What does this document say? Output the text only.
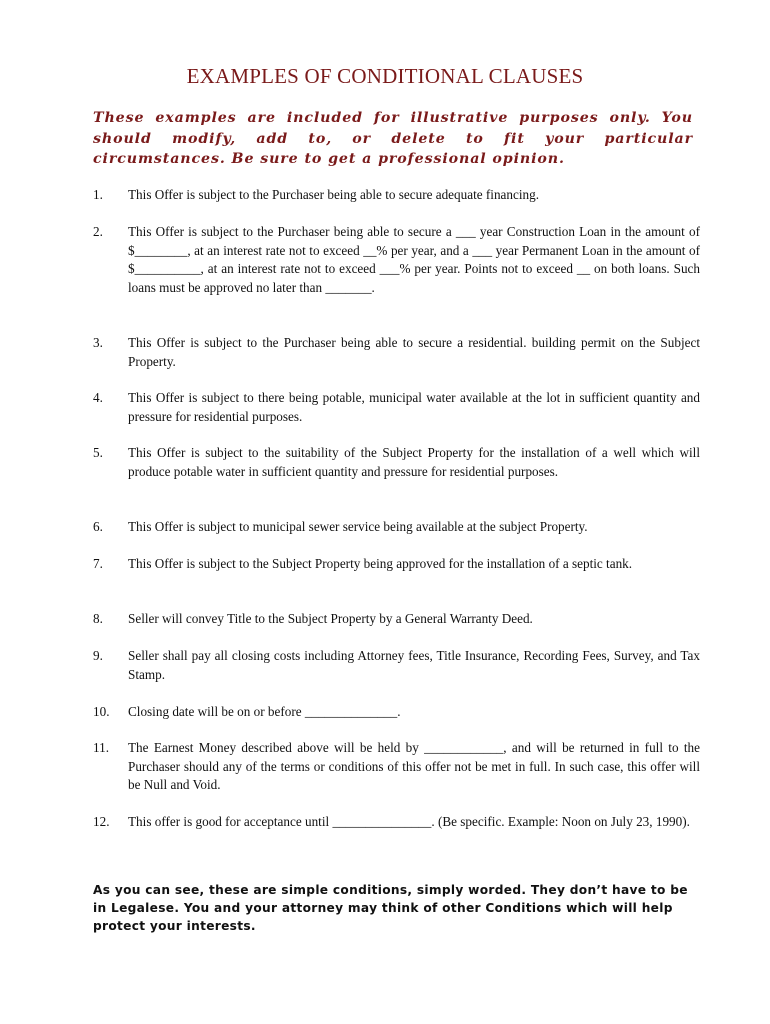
EXAMPLES OF CONDITIONAL CLAUSES

These examples are included for illustrative purposes only. You should modify, add to, or delete to fit your particular circumstances. Be sure to get a professional opinion.

1.	This Offer is subject to the Purchaser being able to secure adequate financing.
2.	This Offer is subject to the Purchaser being able to secure a ___ year Construction Loan in the amount of $________, at an interest rate not to exceed __% per year, and a ___ year Permanent Loan in the amount of $__________, at an interest rate not to exceed ___% per year. Points not to exceed __ on both loans. Such loans must be approved no later than _______.
3.	This Offer is subject to the Purchaser being able to secure a residential. building permit on the Subject Property.
4.	This Offer is subject to there being potable, municipal water available at the lot in sufficient quantity and pressure for residential purposes.
5.	This Offer is subject to the suitability of the Subject Property for the installation of a well which will produce potable water in sufficient quantity and pressure for residential purposes.
6.	This Offer is subject to municipal sewer service being available at the subject Property.
7.	This Offer is subject to the Subject Property being approved for the installation of a septic tank.
8.	Seller will convey Title to the Subject Property by a General Warranty Deed.
9.	Seller shall pay all closing costs including Attorney fees, Title Insurance, Recording Fees, Survey, and Tax Stamp.
10.	Closing date will be on or before ______________.
11.	The Earnest Money described above will be held by ____________, and will be returned in full to the Purchaser should any of the terms or conditions of this offer not be met in full. In such case, this offer will be Null and Void.
12.	This offer is good for acceptance until _______________. (Be specific. Example: Noon on July 23, 1990).

As you can see, these are simple conditions, simply worded. They don’t have to be in Legalese. You and your attorney may think of other Conditions which will help protect your interests.
